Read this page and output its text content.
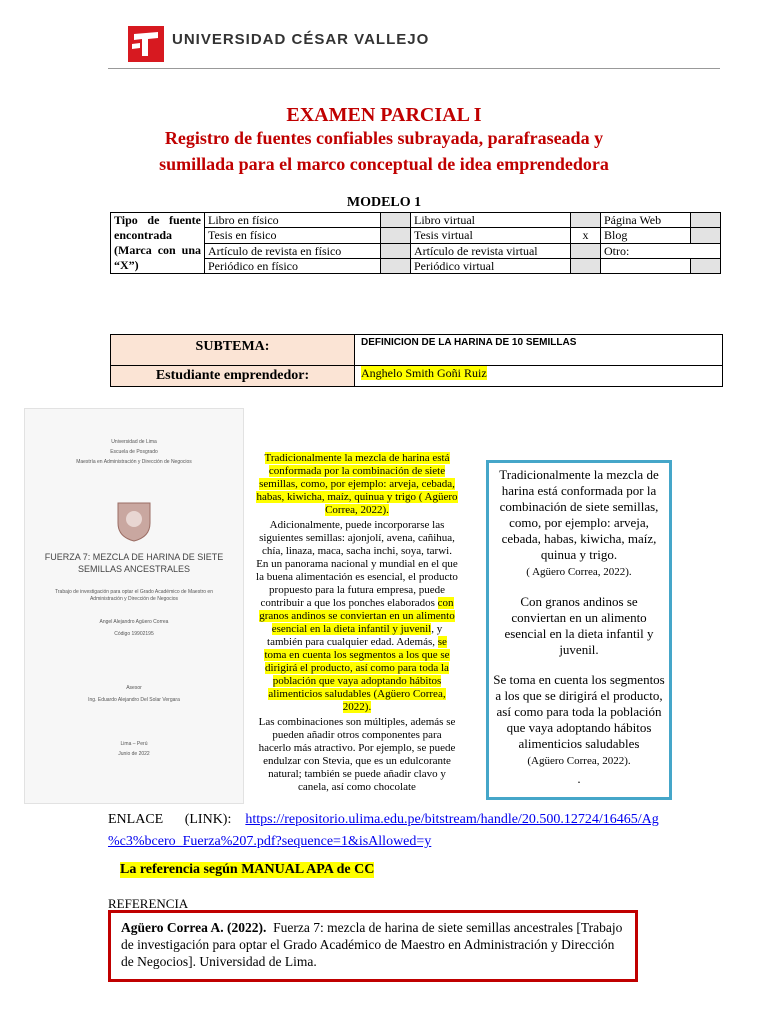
UNIVERSIDAD CÉSAR VALLEJO
EXAMEN PARCIAL I
Registro de fuentes confiables subrayada, parafraseada y
sumillada para el marco conceptual de idea emprendedora
MODELO 1
Tipo de fuente encontrada (Marca con una “X”)	Libro en físico		Libro virtual		Página Web	
	Tesis en físico		Tesis virtual	x	Blog	
	Artículo de revista en físico		Artículo de revista virtual		Otro:	
	Periódico en físico		Periódico virtual			
SUBTEMA:	DEFINICION DE LA HARINA DE 10 SEMILLAS
Estudiante emprendedor:	Anghelo Smith Goñi Ruiz
Universidad de Lima
Escuela de Posgrado
Maestría en Administración y Dirección de Negocios
FUERZA 7: MEZCLA DE HARINA DE SIETE SEMILLAS ANCESTRALES
Trabajo de investigación para optar el Grado Académico de Maestro en Administración y Dirección de Negocios
Angel Alejandro Agüero Correa
Código 19902195
Asesor
Ing. Eduardo Alejandro Del Solar Vergara
Lima – Perú
Junio de 2022

Tradicionalmente la mezcla de harina está conformada por la combinación de siete semillas, como, por ejemplo: arveja, cebada, habas, kiwicha, maíz, quinua y trigo ( Agüero Correa, 2022).

Adicionalmente, puede incorporarse las siguientes semillas: ajonjolí, avena, cañihua, chía, linaza, maca, sacha inchi, soya, tarwi. En un panorama nacional y mundial en el que la buena alimentación es esencial, el producto propuesto para la futura empresa, puede contribuir a que los ponches elaborados con granos andinos se conviertan en un alimento esencial en la dieta infantil y juvenil, y también para cualquier edad. Además, se toma en cuenta los segmentos a los que se dirigirá el producto, así como para toda la población que vaya adoptando hábitos alimenticios saludables (Agüero Correa, 2022).

Las combinaciones son múltiples, además se pueden añadir otros componentes para hacerlo más atractivo. Por ejemplo, se puede endulzar con Stevia, que es un edulcorante natural; también se puede añadir clavo y canela, así como chocolate

Tradicionalmente la mezcla de harina está conformada por la combinación de siete semillas, como, por ejemplo: arveja, cebada, habas, kiwicha, maíz, quinua y trigo.
( Agüero Correa, 2022).

Con granos andinos se conviertan en un alimento esencial en la dieta infantil y juvenil.

Se toma en cuenta los segmentos a los que se dirigirá el producto, así como para toda la población que vaya adoptando hábitos alimenticios saludables
(Agüero Correa, 2022).

.

ENLACE (LINK): https://repositorio.ulima.edu.pe/bitstream/handle/20.500.12724/16465/Ag
%c3%bcero_Fuerza%207.pdf?sequence=1&isAllowed=y
La referencia según MANUAL APA de CC
REFERENCIA
Agüero Correa A. (2022). Fuerza 7: mezcla de harina de siete semillas ancestrales [Trabajo de investigación para optar el Grado Académico de Maestro en Administración y Dirección de Negocios]. Universidad de Lima.
